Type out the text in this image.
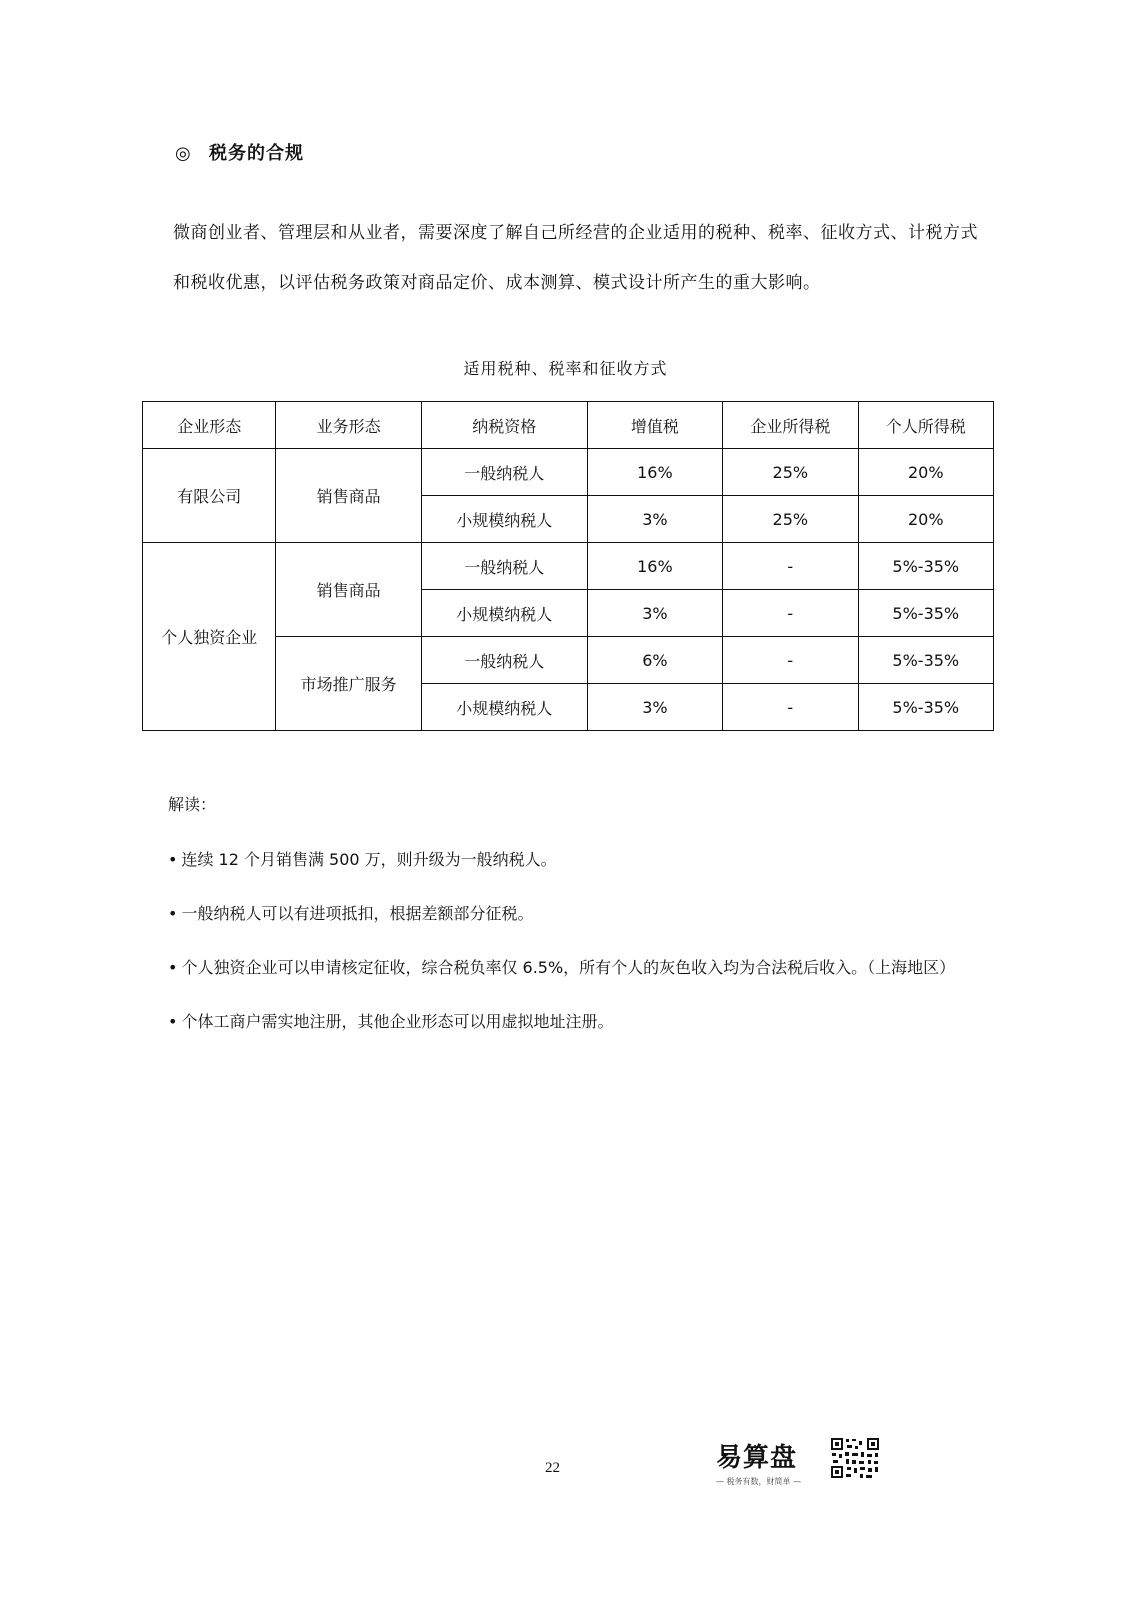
◎ 税务的合规

微商创业者、管理层和从业者，需要深度了解自己所经营的企业适用的税种、税率、征收方式、计税方式和税收优惠，以评估税务政策对商品定价、成本测算、模式设计所产生的重大影响。

适用税种、税率和征收方式

企业形态	业务形态	纳税资格	增值税	企业所得税	个人所得税
有限公司	销售商品	一般纳税人	16%	25%	20%
		小规模纳税人	3%	25%	20%
个人独资企业	销售商品	一般纳税人	16%	-	5%-35%
		小规模纳税人	3%	-	5%-35%
	市场推广服务	一般纳税人	6%	-	5%-35%
		小规模纳税人	3%	-	5%-35%

解读：

• 连续 12 个月销售满 500 万，则升级为一般纳税人。
• 一般纳税人可以有进项抵扣，根据差额部分征税。
• 个人独资企业可以申请核定征收，综合税负率仅 6.5%，所有个人的灰色收入均为合法税后收入。（上海地区）
• 个体工商户需实地注册，其他企业形态可以用虚拟地址注册。
22	易算盘
— 税务有数，财简单 —
